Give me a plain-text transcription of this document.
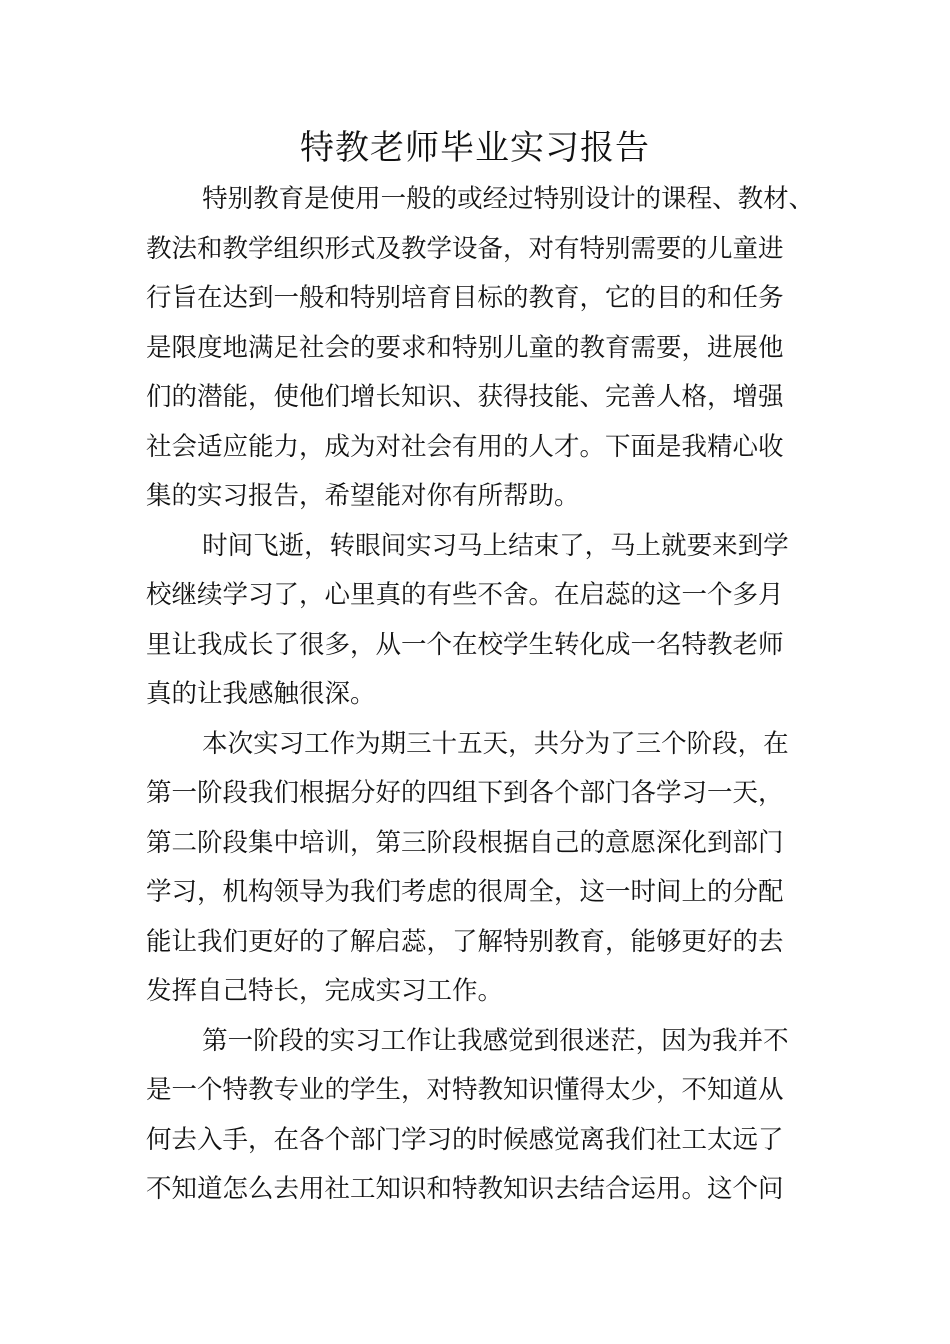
特教老师毕业实习报告

特别教育是使用一般的或经过特别设计的课程、教材、
教法和教学组织形式及教学设备，对有特别需要的儿童进
行旨在达到一般和特别培育目标的教育，它的目的和任务
是限度地满足社会的要求和特别儿童的教育需要，进展他
们的潜能，使他们增长知识、获得技能、完善人格，增强
社会适应能力，成为对社会有用的人才。下面是我精心收
集的实习报告，希望能对你有所帮助。

时间飞逝，转眼间实习马上结束了，马上就要来到学
校继续学习了，心里真的有些不舍。在启蕊的这一个多月
里让我成长了很多，从一个在校学生转化成一名特教老师
真的让我感触很深。

本次实习工作为期三十五天，共分为了三个阶段，在
第一阶段我们根据分好的四组下到各个部门各学习一天，
第二阶段集中培训，第三阶段根据自己的意愿深化到部门
学习，机构领导为我们考虑的很周全，这一时间上的分配
能让我们更好的了解启蕊，了解特别教育，能够更好的去
发挥自己特长，完成实习工作。

第一阶段的实习工作让我感觉到很迷茫，因为我并不
是一个特教专业的学生，对特教知识懂得太少，不知道从
何去入手，在各个部门学习的时候感觉离我们社工太远了
不知道怎么去用社工知识和特教知识去结合运用。这个问
